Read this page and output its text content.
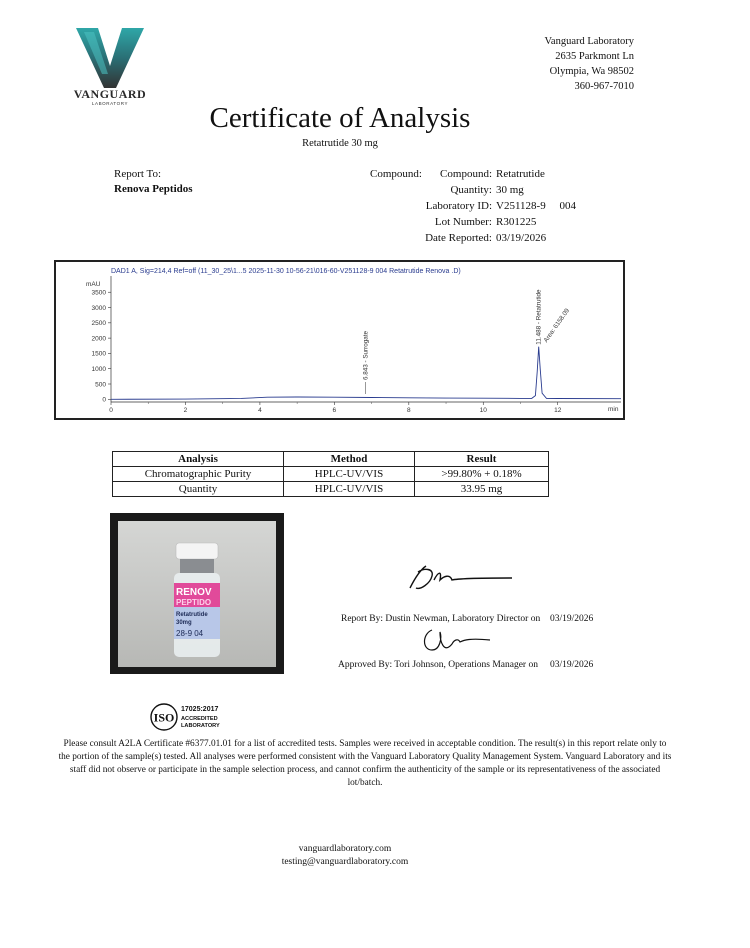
VANGUARD
LABORATORY
Vanguard Laboratory
2635 Parkmont Ln
Olympia, Wa 98502
360-967-7010
Certificate of Analysis
Retatrutide 30 mg
Report To:
Renova Peptidos
Compound:	Compound: Retatrutide
Quantity: 30 mg
Laboratory ID: V251128-9     004
Lot Number: R301225
Date Reported: 03/19/2026
DAD1 A, Sig=214,4 Ref=off (11_30_25\1...5 2025-11-30 10-56-21\016-60-V251128-9 004 Retatrutide Renova .D)
mAU
min
0
500
1000
1500
2000
2500
3000
3500
0	2	4	6	8	10	12
6.843 - Surrogate
11.488 - Retatrutide Area: 6158.09
Analysis	Method	Result
Chromatographic Purity	HPLC-UV/VIS	>99.80% + 0.18%
Quantity	HPLC-UV/VIS	33.95 mg
RENOV
PEPTIDO
Retatrutide
30mg
28-9 04
Report By: Dustin Newman, Laboratory Director on 03/19/2026
Approved By: Tori Johnson, Operations Manager on 03/19/2026
ISO
17025:2017
ACCREDITED
LABORATORY
Please consult A2LA Certificate #6377.01.01 for a list of accredited tests. Samples were received in acceptable condition. The result(s) in this report relate only to the portion of the sample(s) tested. All analyses were performed consistent with the Vanguard Laboratory Quality Management System. Vanguard Laboratory and its staff did not observe or participate in the sample selection process, and cannot confirm the authenticity of the sample or its representativeness of the associated lot/batch.
vanguardlaboratory.com
testing@vanguardlaboratory.com
